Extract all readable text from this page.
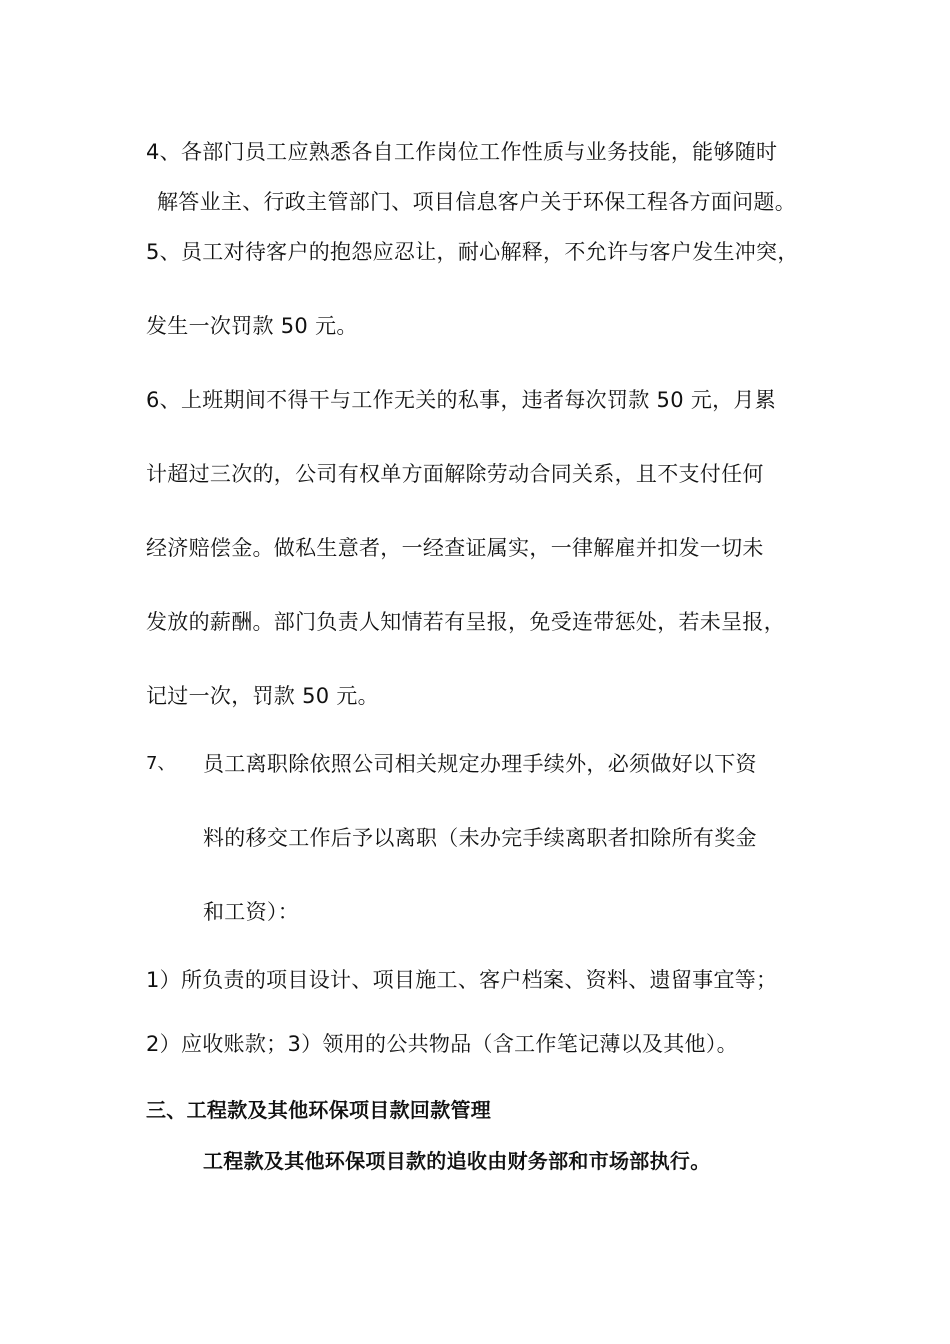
4、各部门员工应熟悉各自工作岗位工作性质与业务技能，能够随时
解答业主、行政主管部门、项目信息客户关于环保工程各方面问题。
5、员工对待客户的抱怨应忍让，耐心解释，不允许与客户发生冲突，
发生一次罚款 50 元。
6、上班期间不得干与工作无关的私事，违者每次罚款 50 元，月累
计超过三次的，公司有权单方面解除劳动合同关系，且不支付任何
经济赔偿金。做私生意者，一经查证属实，一律解雇并扣发一切未
发放的薪酬。部门负责人知情若有呈报，免受连带惩处，若未呈报，
记过一次，罚款 50 元。
7、 员工离职除依照公司相关规定办理手续外，必须做好以下资
料的移交工作后予以离职（未办完手续离职者扣除所有奖金
和工资）：
1）所负责的项目设计、项目施工、客户档案、资料、遗留事宜等；
2）应收账款；3）领用的公共物品（含工作笔记薄以及其他）。
三、工程款及其他环保项目款回款管理
工程款及其他环保项目款的追收由财务部和市场部执行。
